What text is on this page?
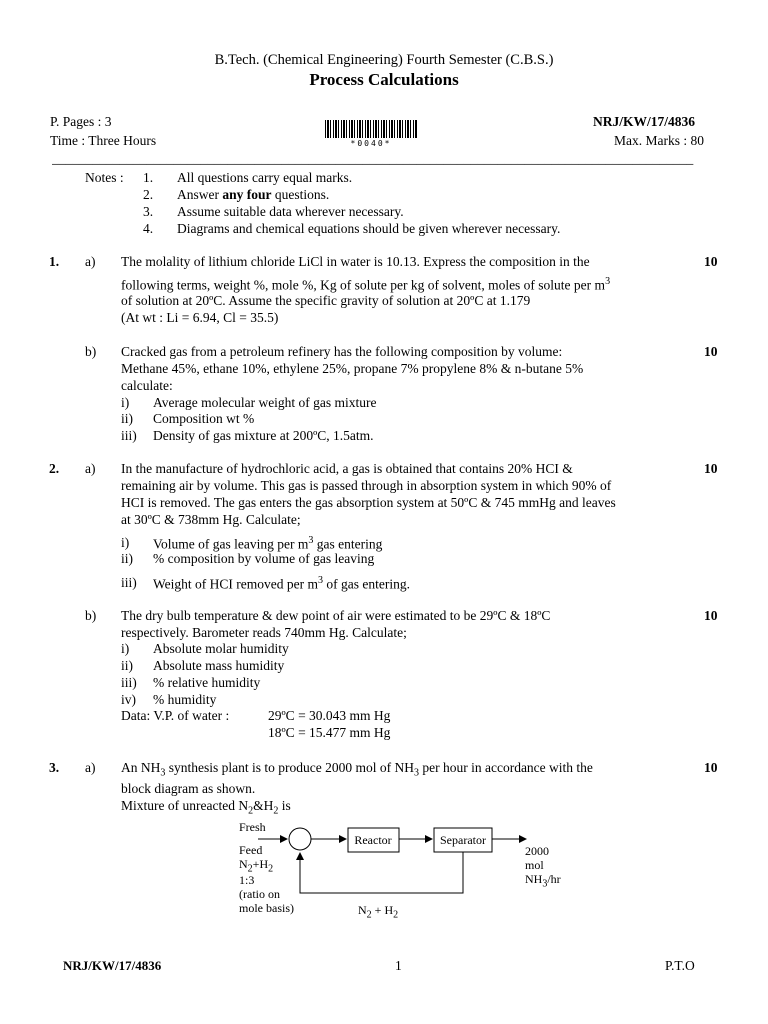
B.Tech. (Chemical Engineering) Fourth Semester (C.B.S.)
Process Calculations
P. Pages : 3	NRJ/KW/17/4836
Time : Three Hours	Max. Marks : 80
*0040*
_______________________________________________________________________________________________
Notes : 1. All questions carry equal marks.
2. Answer any four questions.
3. Assume suitable data wherever necessary.
4. Diagrams and chemical equations should be given wherever necessary.
1. a)	10
The molality of lithium chloride LiCl in water is 10.13. Express the composition in the
following terms, weight %, mole %, Kg of solute per kg of solvent, moles of solute per $m^3$
of solution at 20ºC. Assume the specific gravity of solution at 20ºC at 1.179
(At wt : Li = 6.94, Cl = 35.5)
b)	10
Cracked gas from a petroleum refinery has the following composition by volume:
Methane 45%, ethane 10%, ethylene 25%, propane 7% propylene 8% & n-butane 5%
calculate:
i)	Average molecular weight of gas mixture
ii)	Composition wt %
iii)	Density of gas mixture at 200ºC, 1.5atm.
2. a)	10
In the manufacture of hydrochloric acid, a gas is obtained that contains 20% HCI &
remaining air by volume. This gas is passed through in absorption system in which 90% of
HCI is removed. The gas enters the gas absorption system at 50ºC & 745 mmHg and leaves
at 30ºC & 738mm Hg. Calculate;
i)	Volume of gas leaving per $m^3$ gas entering
ii)	% composition by volume of gas leaving
iii)	Weight of HCI removed per $m^3$ of gas entering.
b)	10
The dry bulb temperature & dew point of air were estimated to be 29ºC & 18ºC
respectively. Barometer reads 740mm Hg. Calculate;
i)	Absolute molar humidity
ii)	Absolute mass humidity
iii)	% relative humidity
iv)	% humidity
Data: V.P. of water :	29ºC = 30.043 mm Hg
18ºC = 15.477 mm Hg
3. a)	10
An $NH_3$ synthesis plant is to produce 2000 mol of $NH_3$ per hour in accordance with the
block diagram as shown.
Mixture of unreacted $N_2\&H_2$ is
Reactor	Separator
Fresh
Feed
$N_2+H_2$
1:3
(ratio on
mole basis)
2000
mol
$NH_3/hr$
$N_2 + H_2$
NRJ/KW/17/4836	1	P.T.O
